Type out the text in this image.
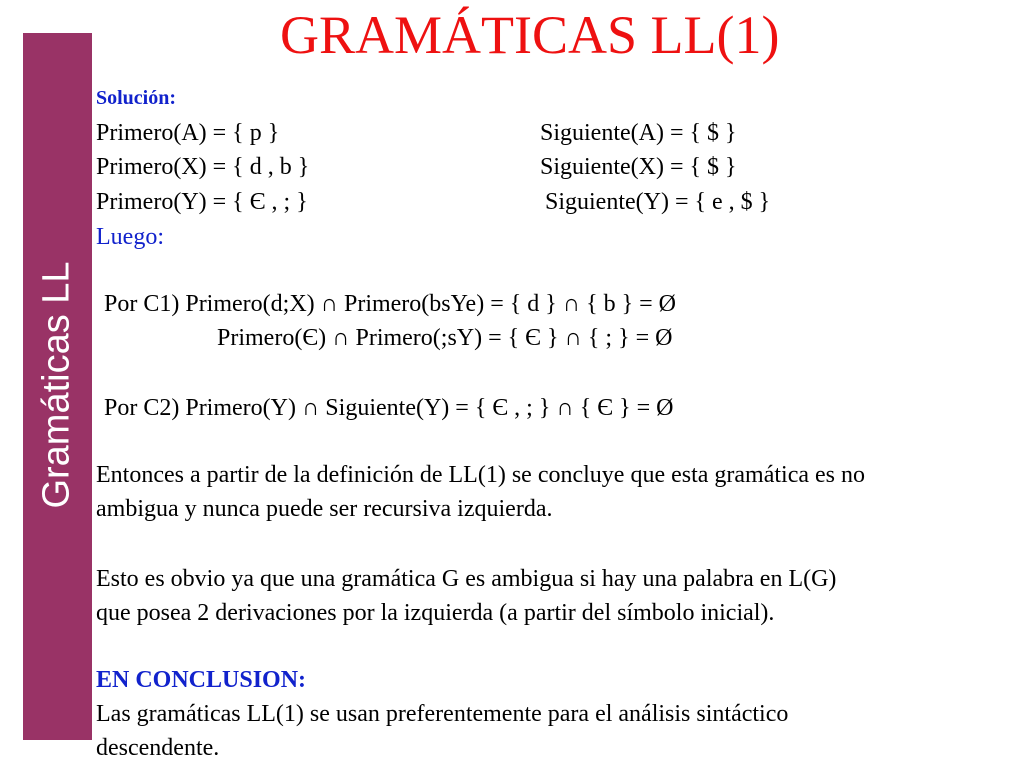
Gramáticas LL
GRAMÁTICAS LL(1)
Solución:
Primero(A) = { p }	Siguiente(A) = { $ }
Primero(X) = { d , b }	Siguiente(X) = { $ }
Primero(Y) = { Є , ; }	Siguiente(Y) = { e , $ }
Luego:
Por C1) Primero(d;X) ∩ Primero(bsYe) = { d } ∩ { b } = Ø
Primero(Є) ∩ Primero(;sY) = { Є } ∩ { ; } = Ø
Por C2) Primero(Y) ∩ Siguiente(Y) = { Є , ; } ∩ { Є } = Ø
Entonces a partir de la definición de LL(1) se concluye que esta gramática es no
ambigua y nunca puede ser recursiva izquierda.
Esto es obvio ya que una gramática G es ambigua si hay una palabra en L(G)
que posea 2 derivaciones por la izquierda (a partir del símbolo inicial).
EN CONCLUSION:
Las gramáticas LL(1) se usan preferentemente para el análisis sintáctico
descendente.
